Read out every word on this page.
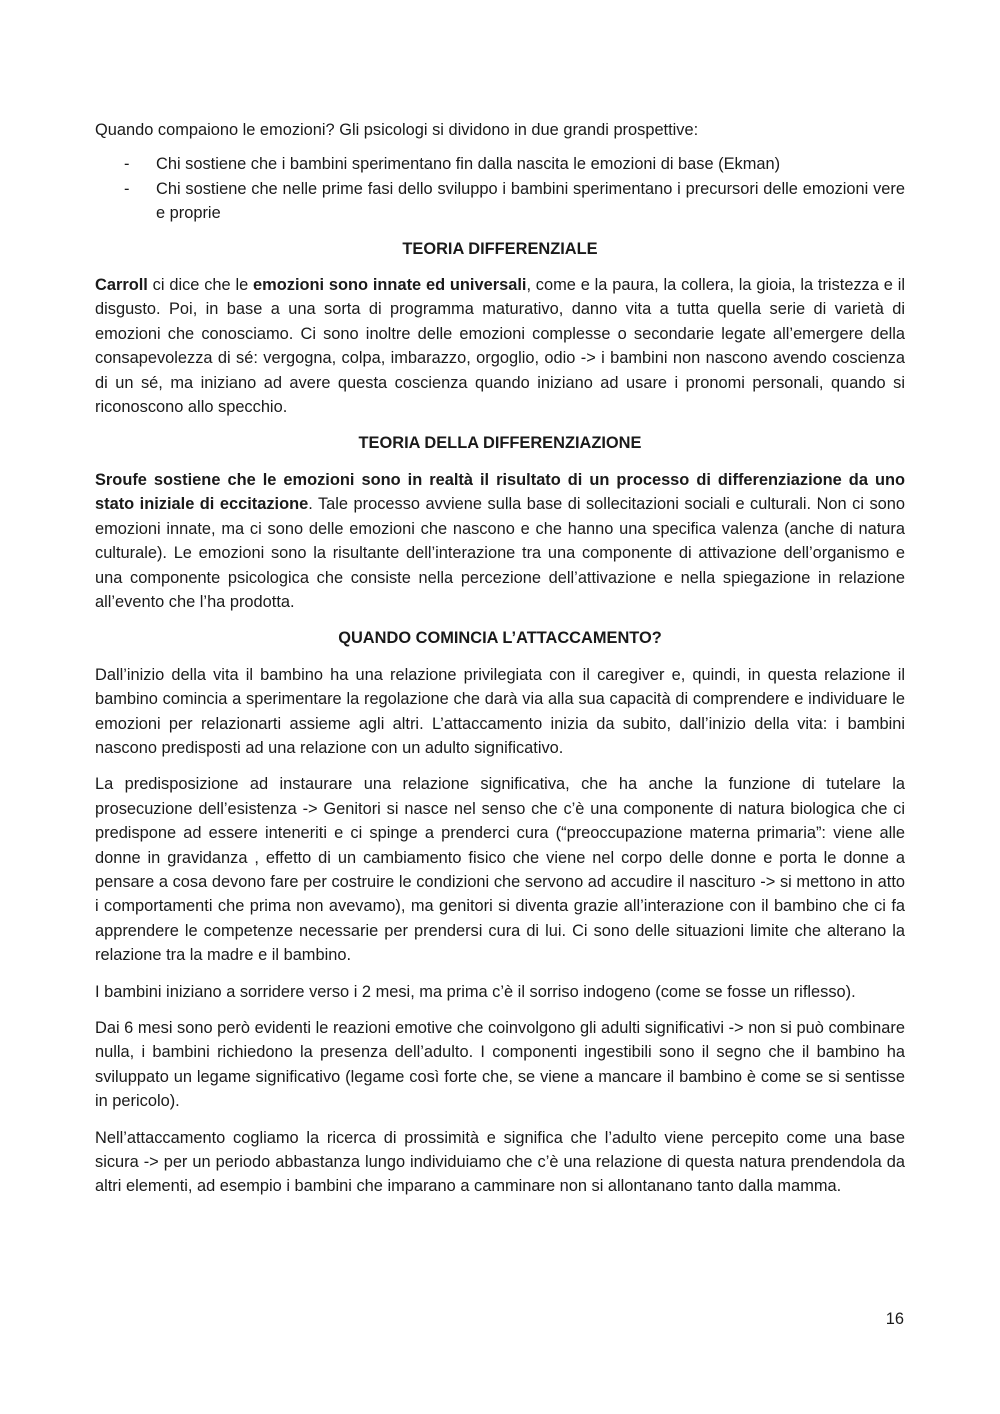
Quando compaiono le emozioni? Gli psicologi si dividono in due grandi prospettive:

- Chi sostiene che i bambini sperimentano fin dalla nascita le emozioni di base (Ekman)
- Chi sostiene che nelle prime fasi dello sviluppo i bambini sperimentano i precursori delle emozioni vere e proprie
TEORIA DIFFERENZIALE

Carroll ci dice che le emozioni sono innate ed universali, come e la paura, la collera, la gioia, la tristezza e il disgusto. Poi, in base a una sorta di programma maturativo, danno vita a tutta quella serie di varietà di emozioni che conosciamo. Ci sono inoltre delle emozioni complesse o secondarie legate all’emergere della consapevolezza di sé: vergogna, colpa, imbarazzo, orgoglio, odio -> i bambini non nascono avendo coscienza di un sé, ma iniziano ad avere questa coscienza quando iniziano ad usare i pronomi personali, quando si riconoscono allo specchio.

TEORIA DELLA DIFFERENZIAZIONE

Sroufe sostiene che le emozioni sono in realtà il risultato di un processo di differenziazione da uno stato iniziale di eccitazione. Tale processo avviene sulla base di sollecitazioni sociali e culturali. Non ci sono emozioni innate, ma ci sono delle emozioni che nascono e che hanno una specifica valenza (anche di natura culturale). Le emozioni sono la risultante dell’interazione tra una componente di attivazione dell’organismo e una componente psicologica che consiste nella percezione dell’attivazione e nella spiegazione in relazione all’evento che l’ha prodotta.

QUANDO COMINCIA L’ATTACCAMENTO?

Dall’inizio della vita il bambino ha una relazione privilegiata con il caregiver e, quindi, in questa relazione il bambino comincia a sperimentare la regolazione che darà via alla sua capacità di comprendere e individuare le emozioni per relazionarti assieme agli altri. L’attaccamento inizia da subito, dall’inizio della vita: i bambini nascono predisposti ad una relazione con un adulto significativo.

La predisposizione ad instaurare una relazione significativa, che ha anche la funzione di tutelare la prosecuzione dell’esistenza -> Genitori si nasce nel senso che c’è una componente di natura biologica che ci predispone ad essere inteneriti e ci spinge a prenderci cura (“preoccupazione materna primaria”: viene alle donne in gravidanza , effetto di un cambiamento fisico che viene nel corpo delle donne e porta le donne a pensare a cosa devono fare per costruire le condizioni che servono ad accudire il nascituro -> si mettono in atto i comportamenti che prima non avevamo), ma genitori si diventa grazie all’interazione con il bambino che ci fa apprendere le competenze necessarie per prendersi cura di lui. Ci sono delle situazioni limite che alterano la relazione tra la madre e il bambino.

I bambini iniziano a sorridere verso i 2 mesi, ma prima c’è il sorriso indogeno (come se fosse un riflesso).

Dai 6 mesi sono però evidenti le reazioni emotive che coinvolgono gli adulti significativi -> non si può combinare nulla, i bambini richiedono la presenza dell’adulto. I componenti ingestibili sono il segno che il bambino ha sviluppato un legame significativo (legame così forte che, se viene a mancare il bambino è come se si sentisse in pericolo).

Nell’attaccamento cogliamo la ricerca di prossimità e significa che l’adulto viene percepito come una base sicura -> per un periodo abbastanza lungo individuiamo che c’è una relazione di questa natura prendendola da altri elementi, ad esempio i bambini che imparano a camminare non si allontanano tanto dalla mamma.

16
